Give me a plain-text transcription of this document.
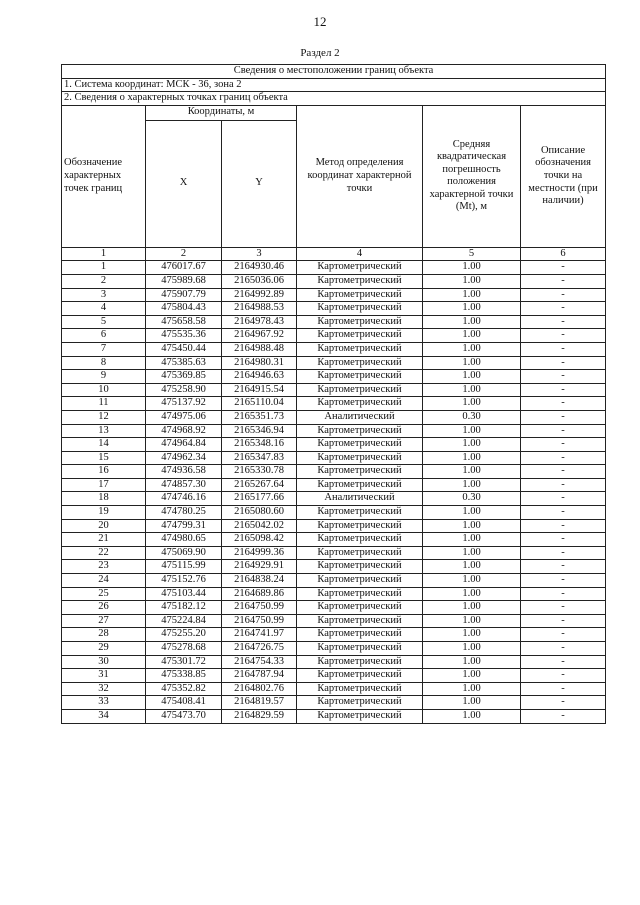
12
Раздел 2
Сведения о местоположении границ объекта					
1. Система координат: МСК - 36, зона 2					
2. Сведения о характерных точках границ объекта					
Обозначение характерных точек границ	Координаты, м		Метод определения координат характерной точки	Средняя квадратическая погрешность положения характерной точки (Mt), м	Описание обозначения точки на местности (при наличии)
	X	Y			
1	2	3	4	5	6
1	476017.67	2164930.46	Картометрический	1.00	-
2	475989.68	2165036.06	Картометрический	1.00	-
3	475907.79	2164992.89	Картометрический	1.00	-
4	475804.43	2164988.53	Картометрический	1.00	-
5	475658.58	2164978.43	Картометрический	1.00	-
6	475535.36	2164967.92	Картометрический	1.00	-
7	475450.44	2164988.48	Картометрический	1.00	-
8	475385.63	2164980.31	Картометрический	1.00	-
9	475369.85	2164946.63	Картометрический	1.00	-
10	475258.90	2164915.54	Картометрический	1.00	-
11	475137.92	2165110.04	Картометрический	1.00	-
12	474975.06	2165351.73	Аналитический	0.30	-
13	474968.92	2165346.94	Картометрический	1.00	-
14	474964.84	2165348.16	Картометрический	1.00	-
15	474962.34	2165347.83	Картометрический	1.00	-
16	474936.58	2165330.78	Картометрический	1.00	-
17	474857.30	2165267.64	Картометрический	1.00	-
18	474746.16	2165177.66	Аналитический	0.30	-
19	474780.25	2165080.60	Картометрический	1.00	-
20	474799.31	2165042.02	Картометрический	1.00	-
21	474980.65	2165098.42	Картометрический	1.00	-
22	475069.90	2164999.36	Картометрический	1.00	-
23	475115.99	2164929.91	Картометрический	1.00	-
24	475152.76	2164838.24	Картометрический	1.00	-
25	475103.44	2164689.86	Картометрический	1.00	-
26	475182.12	2164750.99	Картометрический	1.00	-
27	475224.84	2164750.99	Картометрический	1.00	-
28	475255.20	2164741.97	Картометрический	1.00	-
29	475278.68	2164726.75	Картометрический	1.00	-
30	475301.72	2164754.33	Картометрический	1.00	-
31	475338.85	2164787.94	Картометрический	1.00	-
32	475352.82	2164802.76	Картометрический	1.00	-
33	475408.41	2164819.57	Картометрический	1.00	-
34	475473.70	2164829.59	Картометрический	1.00	-
